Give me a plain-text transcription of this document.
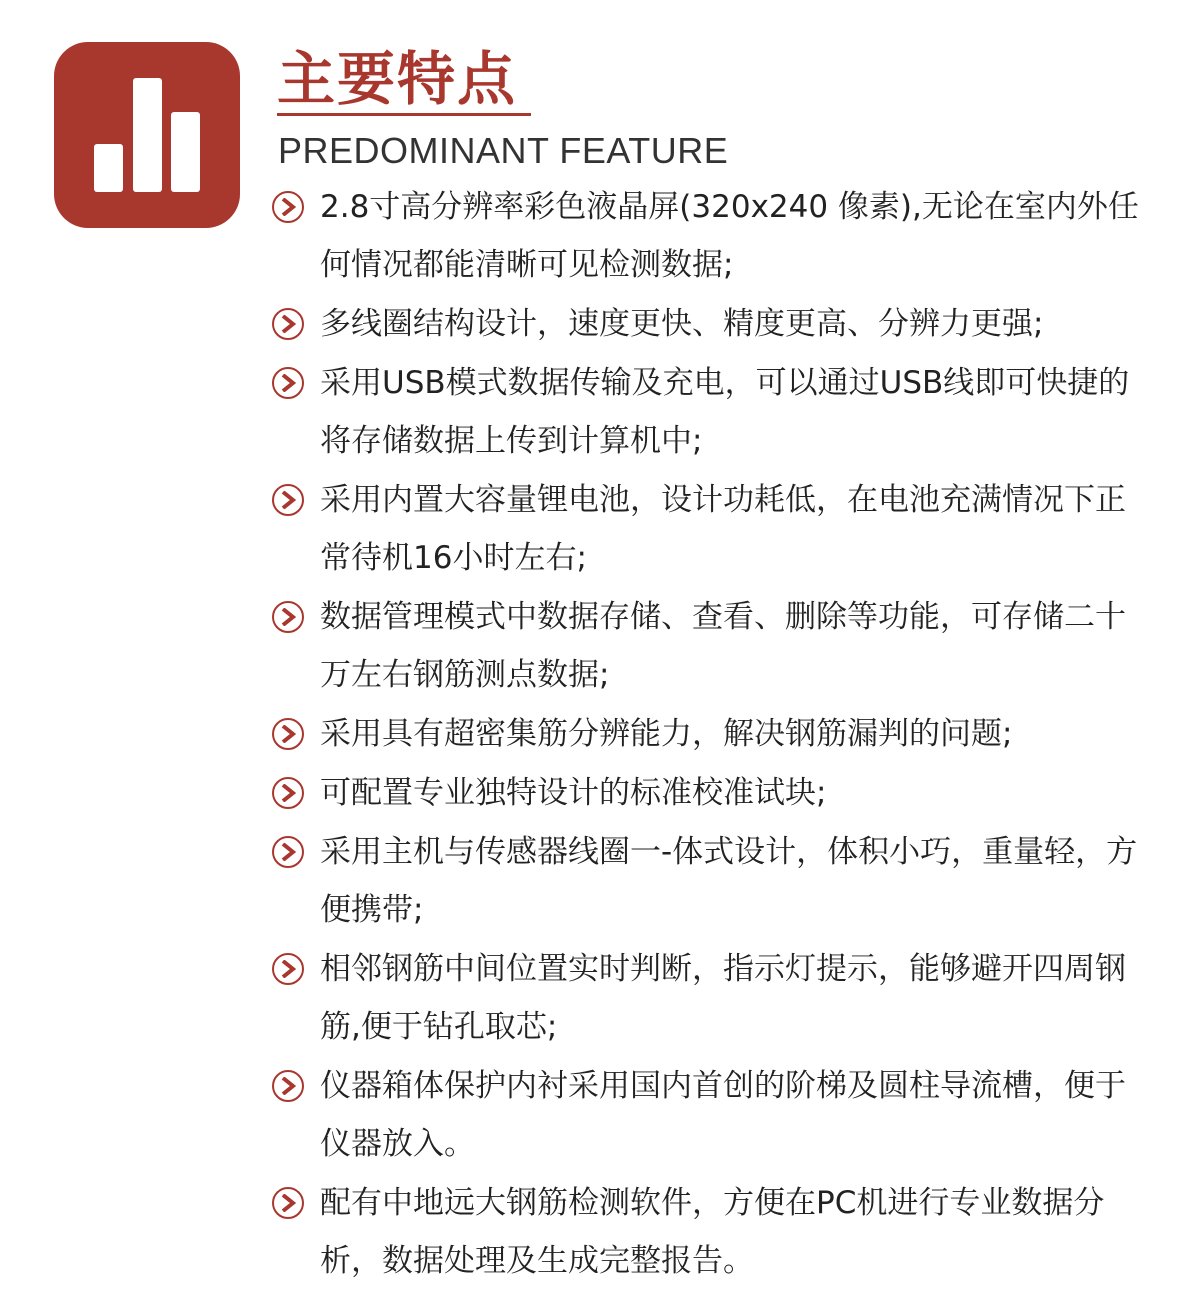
主要特点
PREDOMINANT FEATURE
2.8寸高分辨率彩色液晶屏(320x240 像素),无论在室内外任何情况都能清晰可见检测数据;
多线圈结构设计，速度更快、精度更高、分辨力更强;
采用USB模式数据传输及充电，可以通过USB线即可快捷的将存储数据上传到计算机中;
采用内置大容量锂电池，设计功耗低，在电池充满情况下正常待机16小时左右;
数据管理模式中数据存储、查看、删除等功能，可存储二十 万左右钢筋测点数据;
采用具有超密集筋分辨能力，解决钢筋漏判的问题;
可配置专业独特设计的标准校准试块;
采用主机与传感器线圈一-体式设计，体积小巧，重量轻，方便携带;
相邻钢筋中间位置实时判断，指示灯提示，能够避开四周钢筋,便于钻孔取芯;
仪器箱体保护内衬采用国内首创的阶梯及圆柱导流槽，便于仪器放入。
配有中地远大钢筋检测软件，方便在PC机进行专业数据分析，数据处理及生成完整报告。
